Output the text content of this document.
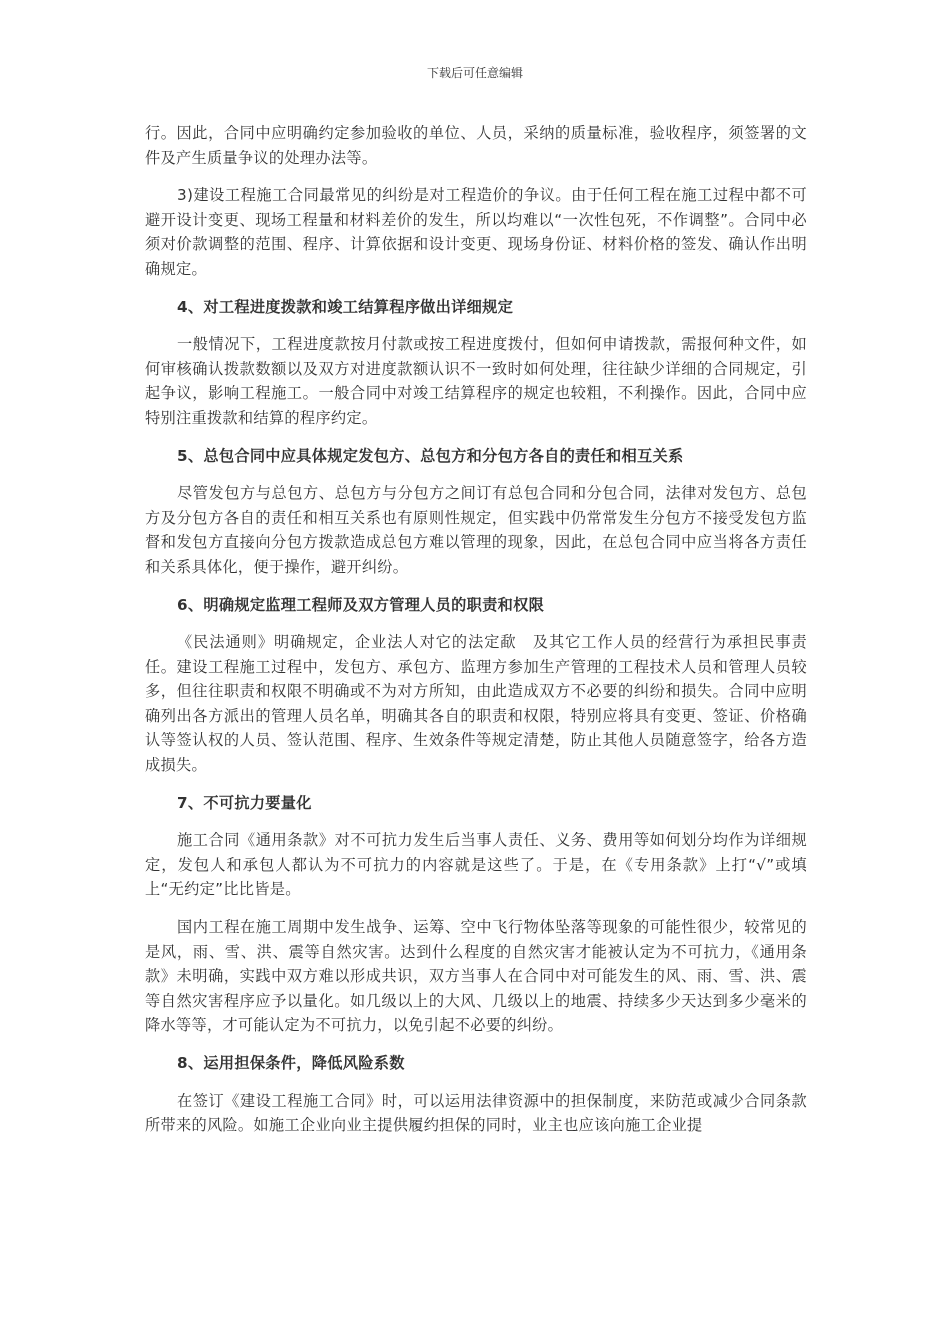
下载后可任意编辑

行。因此，合同中应明确约定参加验收的单位、人员，采纳的质量标准，验收程序，须签署的文件及产生质量争议的处理办法等。

3)建设工程施工合同最常见的纠纷是对工程造价的争议。由于任何工程在施工过程中都不可避开设计变更、现场工程量和材料差价的发生，所以均难以“一次性包死，不作调整”。合同中必须对价款调整的范围、程序、计算依据和设计变更、现场身份证、材料价格的签发、确认作出明确规定。

4、对工程进度拨款和竣工结算程序做出详细规定

一般情况下，工程进度款按月付款或按工程进度拨付，但如何申请拨款，需报何种文件，如何审核确认拨款数额以及双方对进度款额认识不一致时如何处理，往往缺少详细的合同规定，引起争议，影响工程施工。一般合同中对竣工结算程序的规定也较粗，不利操作。因此，合同中应特别注重拨款和结算的程序约定。

5、总包合同中应具体规定发包方、总包方和分包方各自的责任和相互关系

尽管发包方与总包方、总包方与分包方之间订有总包合同和分包合同，法律对发包方、总包方及分包方各自的责任和相互关系也有原则性规定，但实践中仍常常发生分包方不接受发包方监督和发包方直接向分包方拨款造成总包方难以管理的现象，因此，在总包合同中应当将各方责任和关系具体化，便于操作，避开纠纷。

6、明确规定监理工程师及双方管理人员的职责和权限

《民法通则》明确规定，企业法人对它的法定歃　及其它工作人员的经营行为承担民事责任。建设工程施工过程中，发包方、承包方、监理方参加生产管理的工程技术人员和管理人员较多，但往往职责和权限不明确或不为对方所知，由此造成双方不必要的纠纷和损失。合同中应明确列出各方派出的管理人员名单，明确其各自的职责和权限，特别应将具有变更、签证、价格确认等签认权的人员、签认范围、程序、生效条件等规定清楚，防止其他人员随意签字，给各方造成损失。

7、不可抗力要量化

施工合同《通用条款》对不可抗力发生后当事人责任、义务、费用等如何划分均作为详细规定，发包人和承包人都认为不可抗力的内容就是这些了。于是，在《专用条款》上打“√”或填上“无约定”比比皆是。

国内工程在施工周期中发生战争、运筹、空中飞行物体坠落等现象的可能性很少，较常见的是风，雨、雪、洪、震等自然灾害。达到什么程度的自然灾害才能被认定为不可抗力，《通用条款》未明确，实践中双方难以形成共识，双方当事人在合同中对可能发生的风、雨、雪、洪、震等自然灾害程序应予以量化。如几级以上的大风、几级以上的地震、持续多少天达到多少毫米的降水等等，才可能认定为不可抗力，以免引起不必要的纠纷。

8、运用担保条件，降低风险系数

在签订《建设工程施工合同》时，可以运用法律资源中的担保制度，来防范或减少合同条款所带来的风险。如施工企业向业主提供履约担保的同时，业主也应该向施工企业提
